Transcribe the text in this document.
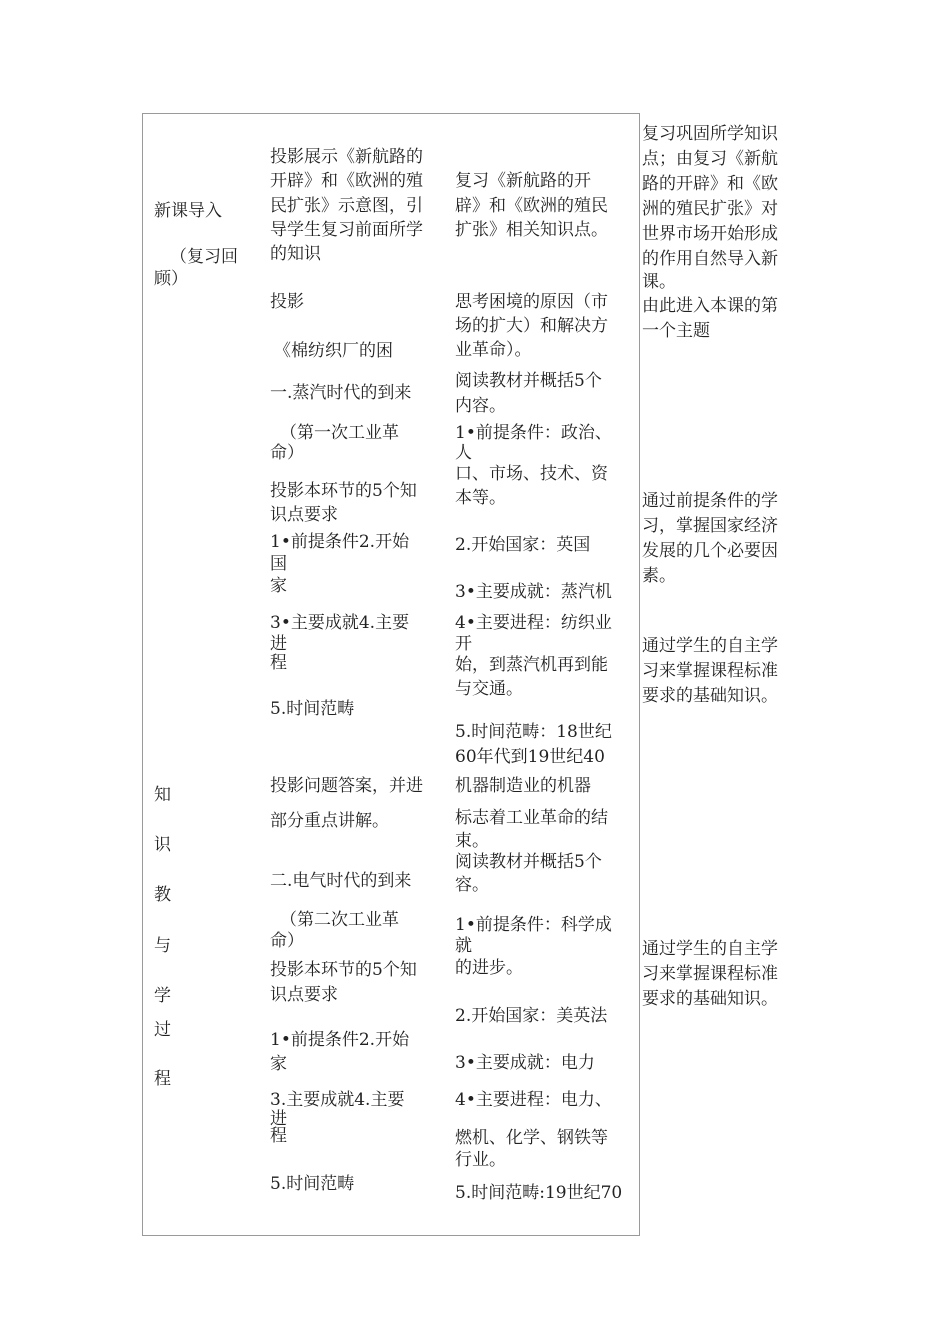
新课导入
（复习回
顾）
知
识
教
与
学
过
程
投影展示《新航路的
开辟》和《欧洲的殖
民扩张》示意图，引
导学生复习前面所学
的知识
投影
《棉纺织厂的困
一.蒸汽时代的到来
（第一次工业革
命）
投影本环节的5个知
识点要求
1•前提条件2.开始
国
家
3•主要成就4.主要
进
程
5.时间范畴
投影问题答案，并进
部分重点讲解。
二.电气时代的到来
（第二次工业革
命）
投影本环节的5个知
识点要求
1•前提条件2.开始
家
3.主要成就4.主要
进
程
5.时间范畴
复习《新航路的开
辟》和《欧洲的殖民
扩张》相关知识点。
思考困境的原因（市
场的扩大）和解决方
业革命）。
阅读教材并概括5个
内容。
1•前提条件：政治、
人
口、市场、技术、资
本等。
2.开始国家：英国
3•主要成就：蒸汽机
4•主要进程：纺织业
开
始，到蒸汽机再到能
与交通。
5.时间范畴：18世纪
60年代到19世纪40
机器制造业的机器
标志着工业革命的结
束。
阅读教材并概括5个
容。
1•前提条件：科学成
就
的进步。
2.开始国家：美英法
3•主要成就：电力
4•主要进程：电力、
燃机、化学、钢铁等
行业。
5.时间范畴:19世纪70
复习巩固所学知识
点；由复习《新航
路的开辟》和《欧
洲的殖民扩张》对
世界市场开始形成
的作用自然导入新
课。
由此进入本课的第
一个主题
通过前提条件的学
习，掌握国家经济
发展的几个必要因
素。
通过学生的自主学
习来掌握课程标准
要求的基础知识。
通过学生的自主学
习来掌握课程标准
要求的基础知识。
